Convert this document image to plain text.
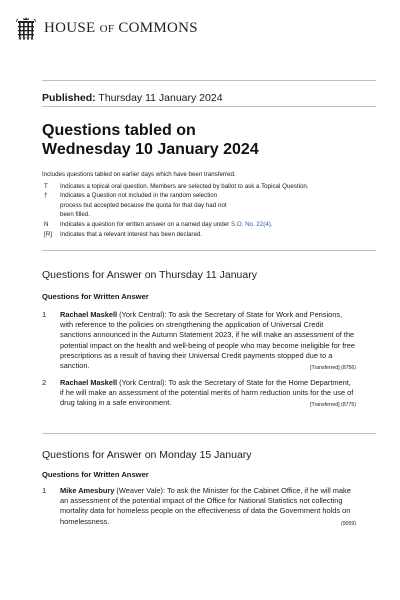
HOUSE OF COMMONS
Published: Thursday 11 January 2024
Questions tabled on
Wednesday 10 January 2024
Includes questions tabled on earlier days which have been transferred.
T	Indicates a topical oral question. Members are selected by ballot to ask a Topical Question.
†	Indicates a Question not included in the random selection process but accepted because the quota for that day had not been filled.
N	Indicates a question for written answer on a named day under S.O. No. 22(4).
[R]	Indicates that a relevant interest has been declared.
Questions for Answer on Thursday 11 January
Questions for Written Answer
1	Rachael Maskell (York Central): To ask the Secretary of State for Work and Pensions, with reference to the policies on strengthening the application of Universal Credit sanctions announced in the Autumn Statement 2023, if he will make an assessment of the potential impact on the health and well-being of people who may become ineligible for free prescriptions as a result of having their Universal Credit payments stopped due to a sanction.	[Transferred] (8756)
2	Rachael Maskell (York Central): To ask the Secretary of State for the Home Department, if he will make an assessment of the potential merits of harm reduction units for the use of drug taking in a safe environment.	[Transferred] (8775)
Questions for Answer on Monday 15 January
Questions for Written Answer
1	Mike Amesbury (Weaver Vale): To ask the Minister for the Cabinet Office, if he will make an assessment of the potential impact of the Office for National Statistics not collecting mortality data for homeless people on the effectiveness of data the Government holds on homelessness.	(9059)
